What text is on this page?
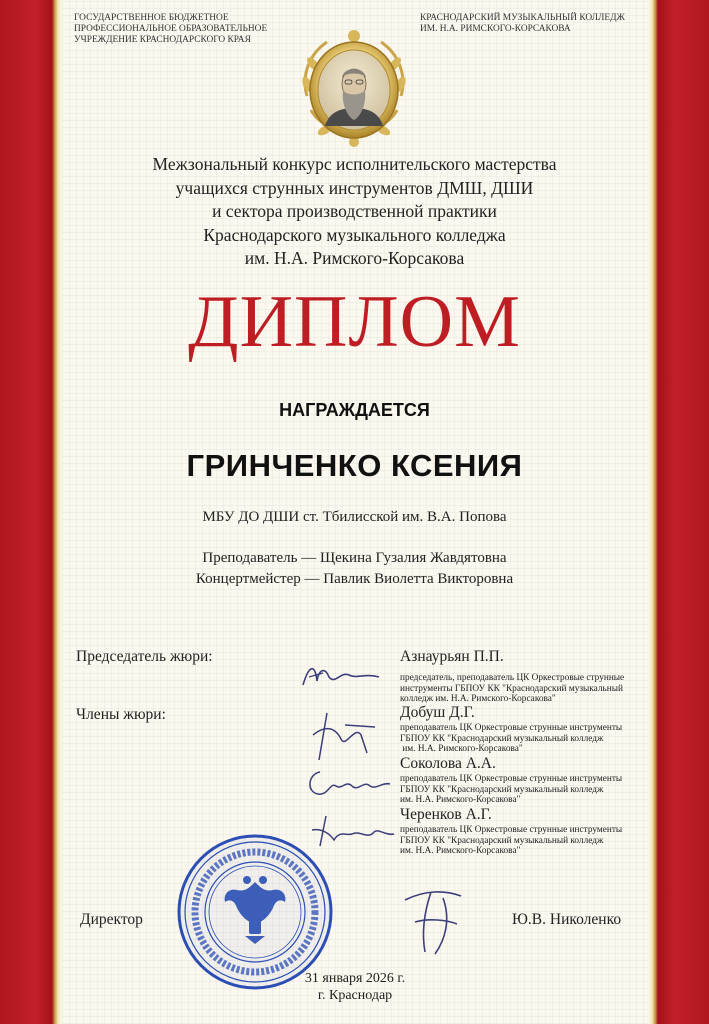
ГОСУДАРСТВЕННОЕ БЮДЖЕТНОЕ
ПРОФЕССИОНАЛЬНОЕ ОБРАЗОВАТЕЛЬНОЕ
УЧРЕЖДЕНИЕ КРАСНОДАРСКОГО КРАЯ
КРАСНОДАРСКИЙ МУЗЫКАЛЬНЫЙ КОЛЛЕДЖ
ИМ. Н.А. РИМСКОГО-КОРСАКОВА
Межзональный конкурс исполнительского мастерства
учащихся струнных инструментов ДМШ, ДШИ
и сектора производственной практики
Краснодарского музыкального колледжа
им. Н.А. Римского-Корсакова
ДИПЛОМ
НАГРАЖДАЕТСЯ
ГРИНЧЕНКО КСЕНИЯ
МБУ ДО ДШИ ст. Тбилисской им. В.А. Попова
Преподаватель — Щекина Гузалия Жавдятовна
Концертмейстер — Павлик Виолетта Викторовна
Председатель жюри:
Члены жюри:
Азнаурьян П.П.
председатель, преподаватель ЦК Оркестровые струнные
инструменты ГБПОУ КК "Краснодарский музыкальный
колледж им. Н.А. Римского-Корсакова"
Добуш Д.Г.
преподаватель ЦК Оркестровые струнные инструменты
ГБПОУ КК "Краснодарский музыкальный колледж
им. Н.А. Римского-Корсакова"
Соколова А.А.
преподаватель ЦК Оркестровые струнные инструменты
ГБПОУ КК "Краснодарский музыкальный колледж
им. Н.А. Римского-Корсакова"
Черенков А.Г.
преподаватель ЦК Оркестровые струнные инструменты
ГБПОУ КК "Краснодарский музыкальный колледж
им. Н.А. Римского-Корсакова"
Директор	Ю.В. Николенко
31 января 2026 г.
г. Краснодар
